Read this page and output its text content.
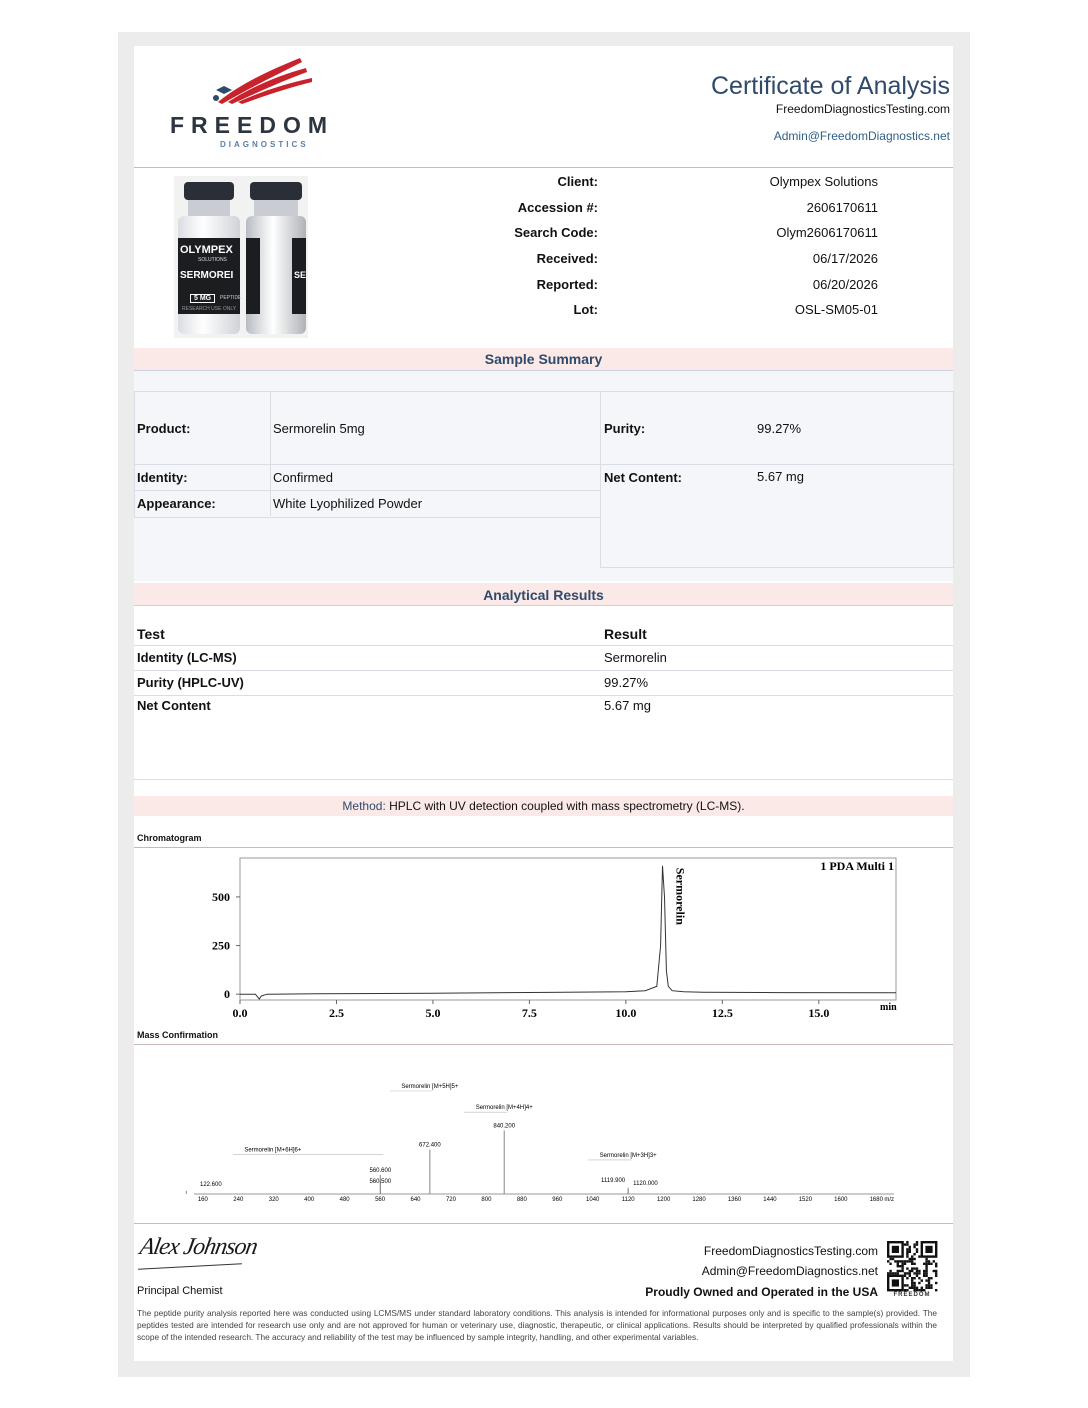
FREEDOM
DIAGNOSTICS
Certificate of Analysis
FreedomDiagnosticsTesting.com
Admin@FreedomDiagnostics.net
OLYMPEX
SOLUTIONS
SERMOREI
5 MG	PEPTIDE
RESEARCH USE ONLY
SE
Client:	Olympex Solutions
Accession #:	2606170611
Search Code:	Olym2606170611
Received:	06/17/2026
Reported:	06/20/2026
Lot:	OSL-SM05-01
Sample Summary
Product:	Sermorelin 5mg
Identity:	Confirmed
Appearance:	White Lyophilized Powder
Purity:	99.27%
Net Content:	5.67 mg
Analytical Results
Test	Result
Identity (LC-MS)	Sermorelin
Purity (HPLC-UV)	99.27%
Net Content	5.67 mg
Method: HPLC with UV detection coupled with mass spectrometry (LC-MS).
Chromatogram
0.0	2.5	5.0	7.5	10.0	12.5	15.0
0
250
500
min
1 PDA Multi 1
Sermorelin
Mass Confirmation
160	240	320	400	480	560	640	720	800	880	960	1040	1120	1200	1280	1360	1440	1520	1600	1680 m/z
122.600
560.600
560.500
672.400
840.200
1119.900 1120.000
Sermorelin [M+6H]6+
Sermorelin [M+5H]5+
Sermorelin [M+4H]4+
Sermorelin [M+3H]3+
Alex Johnson
Principal Chemist
FreedomDiagnosticsTesting.com
Admin@FreedomDiagnostics.net
Proudly Owned and Operated in the USA	FREEDOM
The peptide purity analysis reported here was conducted using LCMS/MS under standard laboratory conditions. This analysis is intended for informational purposes only and is specific to the sample(s) provided. The peptides tested are intended for research use only and are not approved for human or veterinary use, diagnostic, therapeutic, or clinical applications. Results should be interpreted by qualified professionals within the scope of the intended research. The accuracy and reliability of the test may be influenced by sample integrity, handling, and other experimental variables.
